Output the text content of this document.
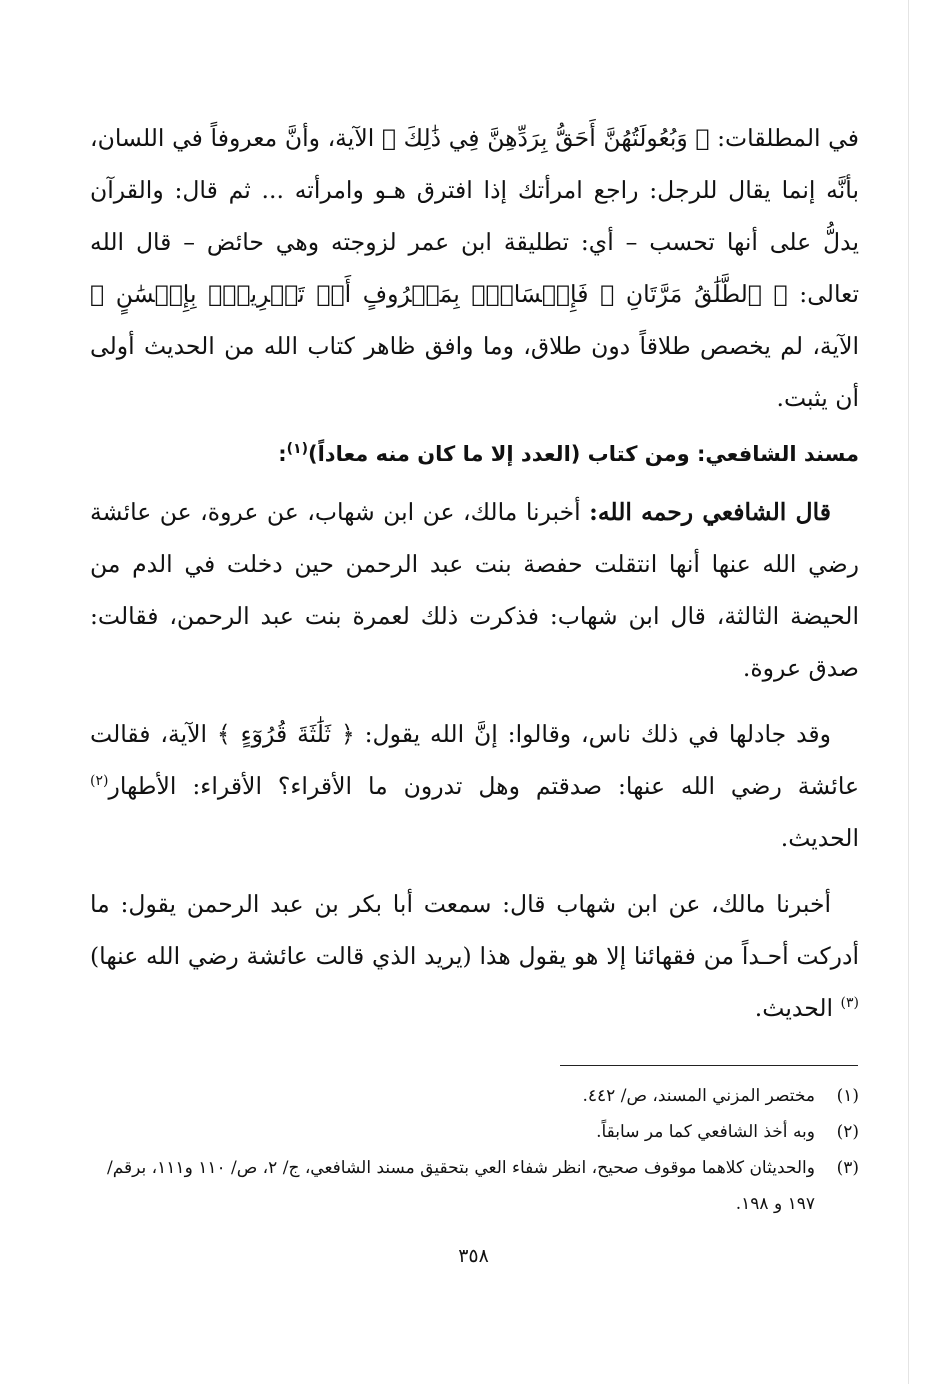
في المطلقات: ﴿ وَبُعُولَتُهُنَّ أَحَقُّ بِرَدِّهِنَّ فِي ذَٰلِكَ ﴾ الآية، وأنَّ معروفاً في اللسان، بأنَّه إنما يقال للرجل: راجع امرأتك إذا افترق هـو وامرأته ... ثم قال: والقرآن يدلُّ على أنها تحسب – أي: تطليقة ابن عمر لزوجته وهي حائض – قال الله تعالى: ﴿ ٱلطَّلَٰقُ مَرَّتَانِ ۖ فَإِمۡسَاكُۢ بِمَعۡرُوفٍ أَوۡ تَسۡرِيحُۢ بِإِحۡسَٰنٍ ﴾ الآية، لم يخصص طلاقاً دون طلاق، وما وافق ظاهر كتاب الله من الحديث أولى أن يثبت.

مسند الشافعي: ومن كتاب (العدد إلا ما كان منه معاداً)$^{(١)}$:

قال الشافعي رحمه الله: أخبرنا مالك، عن ابن شهاب، عن عروة، عن عائشة رضي الله عنها أنها انتقلت حفصة بنت عبد الرحمن حين دخلت في الدم من الحيضة الثالثة، قال ابن شهاب: فذكرت ذلك لعمرة بنت عبد الرحمن، فقالت: صدق عروة.

وقد جادلها في ذلك ناس، وقالوا: إنَّ الله يقول: ﴿ ثَلَٰثَةَ قُرُوٓءٍ ﴾ الآية، فقالت عائشة رضي الله عنها: صدقتم وهل تدرون ما الأقراء؟ الأقراء: الأطهار$^{(٢)}$ الحديث.

أخبرنا مالك، عن ابن شهاب قال: سمعت أبا بكر بن عبد الرحمن يقول: ما أدركت أحـداً من فقهائنا إلا هو يقول هذا (يريد الذي قالت عائشة رضي الله عنها) $^{(٣)}$ الحديث.

(١)
مختصر المزني المسند، ص/ ٤٤٢.
(٢)
وبه أخذ الشافعي كما مر سابقاً.
(٣)
والحديثان كلاهما موقوف صحيح، انظر شفاء العي بتحقيق مسند الشافعي، ج/ ٢، ص/ ١١٠ و١١١، برقم/ ١٩٧ و ١٩٨.
٣٥٨
